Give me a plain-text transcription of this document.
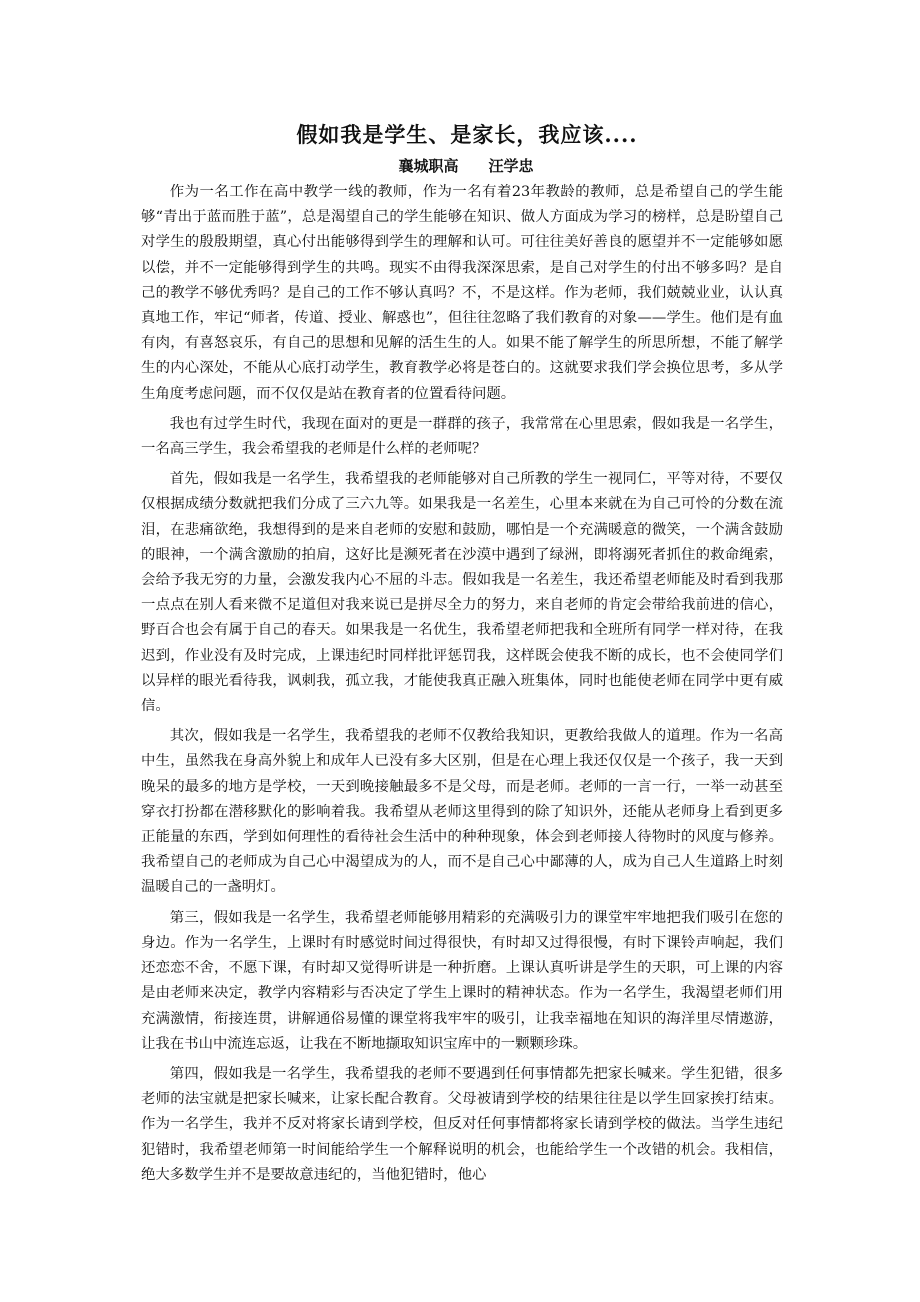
假如我是学生、是家长，我应该....
襄城职高 汪学忠

作为一名工作在高中教学一线的教师，作为一名有着23年教龄的教师，总是希望自己的学生能够“青出于蓝而胜于蓝”，总是渴望自己的学生能够在知识、做人方面成为学习的榜样，总是盼望自己对学生的殷殷期望，真心付出能够得到学生的理解和认可。可往往美好善良的愿望并不一定能够如愿以偿，并不一定能够得到学生的共鸣。现实不由得我深深思索，是自己对学生的付出不够多吗？是自己的教学不够优秀吗？是自己的工作不够认真吗？不，不是这样。作为老师，我们兢兢业业，认认真真地工作，牢记“师者，传道、授业、解惑也”，但往往忽略了我们教育的对象——学生。他们是有血有肉，有喜怒哀乐，有自己的思想和见解的活生生的人。如果不能了解学生的所思所想，不能了解学生的内心深处，不能从心底打动学生，教育教学必将是苍白的。这就要求我们学会换位思考，多从学生角度考虑问题，而不仅仅是站在教育者的位置看待问题。

我也有过学生时代，我现在面对的更是一群群的孩子，我常常在心里思索，假如我是一名学生，一名高三学生，我会希望我的老师是什么样的老师呢？

首先，假如我是一名学生，我希望我的老师能够对自己所教的学生一视同仁，平等对待，不要仅仅根据成绩分数就把我们分成了三六九等。如果我是一名差生，心里本来就在为自己可怜的分数在流泪，在悲痛欲绝，我想得到的是来自老师的安慰和鼓励，哪怕是一个充满暖意的微笑，一个满含鼓励的眼神，一个满含激励的拍肩，这好比是濒死者在沙漠中遇到了绿洲，即将溺死者抓住的救命绳索，会给予我无穷的力量，会激发我内心不屈的斗志。假如我是一名差生，我还希望老师能及时看到我那一点点在别人看来微不足道但对我来说已是拼尽全力的努力，来自老师的肯定会带给我前进的信心，野百合也会有属于自己的春天。如果我是一名优生，我希望老师把我和全班所有同学一样对待，在我迟到，作业没有及时完成，上课违纪时同样批评惩罚我，这样既会使我不断的成长，也不会使同学们以异样的眼光看待我，讽刺我，孤立我，才能使我真正融入班集体，同时也能使老师在同学中更有威信。

其次，假如我是一名学生，我希望我的老师不仅教给我知识，更教给我做人的道理。作为一名高中生，虽然我在身高外貌上和成年人已没有多大区别，但是在心理上我还仅仅是一个孩子，我一天到晚呆的最多的地方是学校，一天到晚接触最多不是父母，而是老师。老师的一言一行，一举一动甚至穿衣打扮都在潜移默化的影响着我。我希望从老师这里得到的除了知识外，还能从老师身上看到更多正能量的东西，学到如何理性的看待社会生活中的种种现象，体会到老师接人待物时的风度与修养。我希望自己的老师成为自己心中渴望成为的人，而不是自己心中鄙薄的人，成为自己人生道路上时刻温暖自己的一盏明灯。

第三，假如我是一名学生，我希望老师能够用精彩的充满吸引力的课堂牢牢地把我们吸引在您的身边。作为一名学生，上课时有时感觉时间过得很快，有时却又过得很慢，有时下课铃声响起，我们还恋恋不舍，不愿下课，有时却又觉得听讲是一种折磨。上课认真听讲是学生的天职，可上课的内容是由老师来决定，教学内容精彩与否决定了学生上课时的精神状态。作为一名学生，我渴望老师们用充满激情，衔接连贯，讲解通俗易懂的课堂将我牢牢的吸引，让我幸福地在知识的海洋里尽情遨游，让我在书山中流连忘返，让我在不断地撷取知识宝库中的一颗颗珍珠。

第四，假如我是一名学生，我希望我的老师不要遇到任何事情都先把家长喊来。学生犯错，很多老师的法宝就是把家长喊来，让家长配合教育。父母被请到学校的结果往往是以学生回家挨打结束。作为一名学生，我并不反对将家长请到学校，但反对任何事情都将家长请到学校的做法。当学生违纪犯错时，我希望老师第一时间能给学生一个解释说明的机会，也能给学生一个改错的机会。我相信，绝大多数学生并不是要故意违纪的，当他犯错时，他心
